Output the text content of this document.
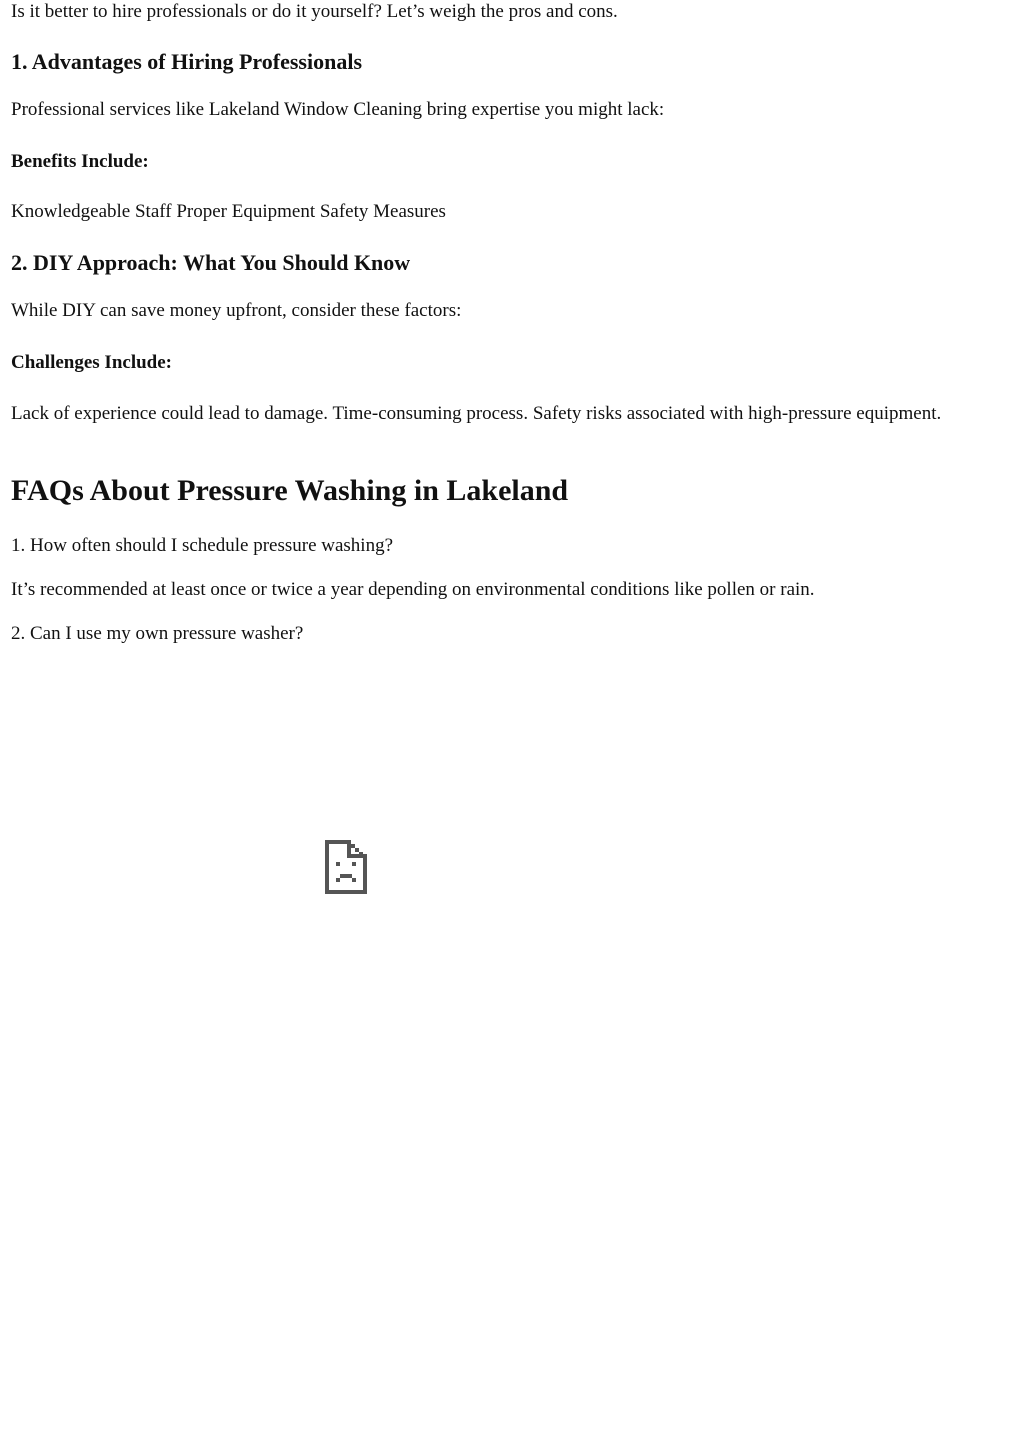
Is it better to hire professionals or do it yourself? Let’s weigh the pros and cons.

1. Advantages of Hiring Professionals

Professional services like Lakeland Window Cleaning bring expertise you might lack:

Benefits Include:

Knowledgeable Staff Proper Equipment Safety Measures

2. DIY Approach: What You Should Know

While DIY can save money upfront, consider these factors:

Challenges Include:

Lack of experience could lead to damage. Time-consuming process. Safety risks associated with high-pressure equipment.

FAQs About Pressure Washing in Lakeland

1. How often should I schedule pressure washing?

It’s recommended at least once or twice a year depending on environmental conditions like pollen or rain.

2. Can I use my own pressure washer?
